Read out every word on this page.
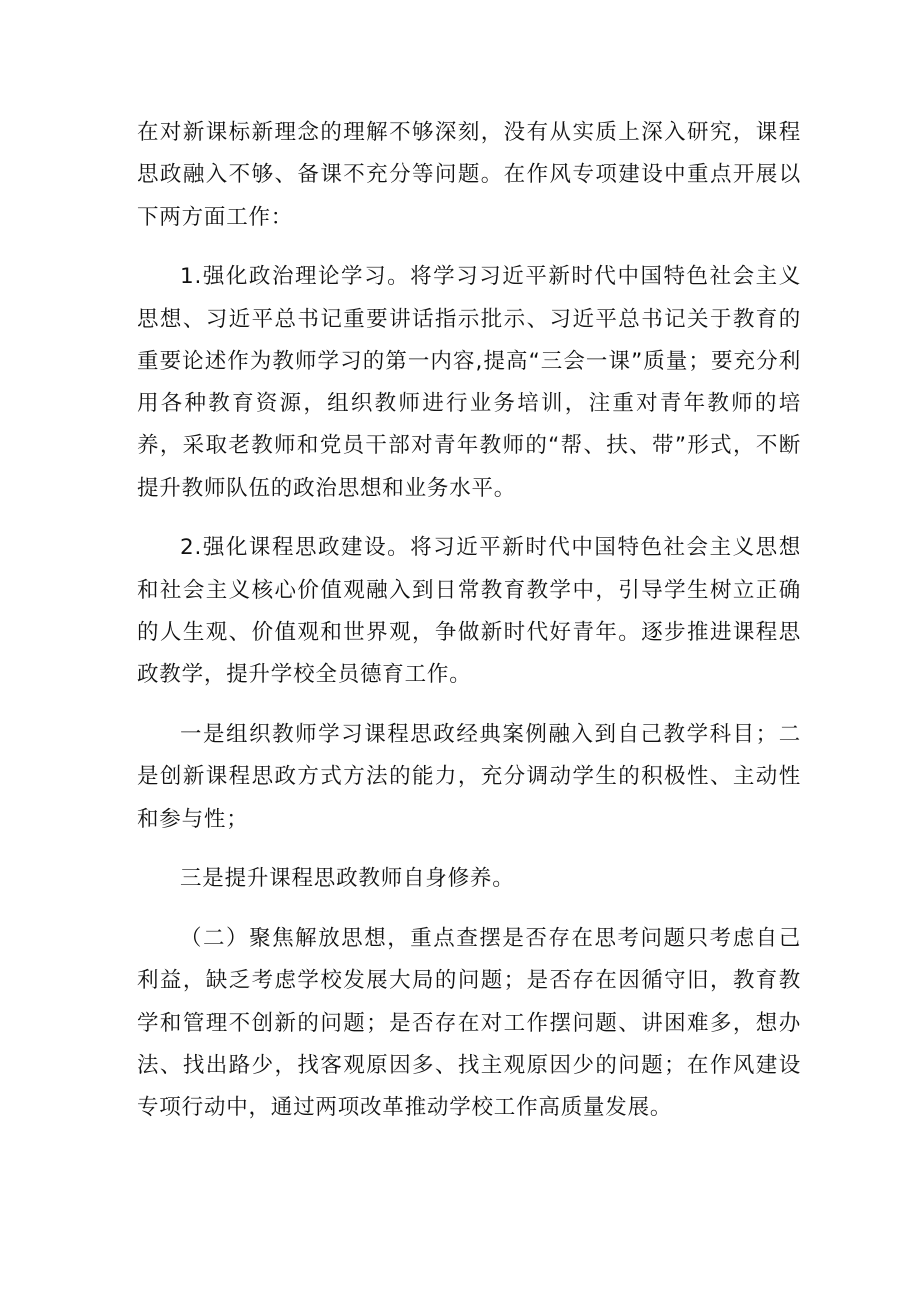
在对新课标新理念的理解不够深刻，没有从实质上深入研究，课程思政融入不够、备课不充分等问题。在作风专项建设中重点开展以下两方面工作：

1.强化政治理论学习。将学习习近平新时代中国特色社会主义思想、习近平总书记重要讲话指示批示、习近平总书记关于教育的重要论述作为教师学习的第一内容,提高“三会一课”质量；要充分利用各种教育资源，组织教师进行业务培训，注重对青年教师的培养，采取老教师和党员干部对青年教师的“帮、扶、带”形式，不断提升教师队伍的政治思想和业务水平。

2.强化课程思政建设。将习近平新时代中国特色社会主义思想和社会主义核心价值观融入到日常教育教学中，引导学生树立正确的人生观、价值观和世界观，争做新时代好青年。逐步推进课程思政教学，提升学校全员德育工作。

一是组织教师学习课程思政经典案例融入到自己教学科目；二是创新课程思政方式方法的能力，充分调动学生的积极性、主动性和参与性；

三是提升课程思政教师自身修养。

（二）聚焦解放思想，重点查摆是否存在思考问题只考虑自己利益，缺乏考虑学校发展大局的问题；是否存在因循守旧，教育教学和管理不创新的问题；是否存在对工作摆问题、讲困难多，想办法、找出路少，找客观原因多、找主观原因少的问题；在作风建设专项行动中，通过两项改革推动学校工作高质量发展。
